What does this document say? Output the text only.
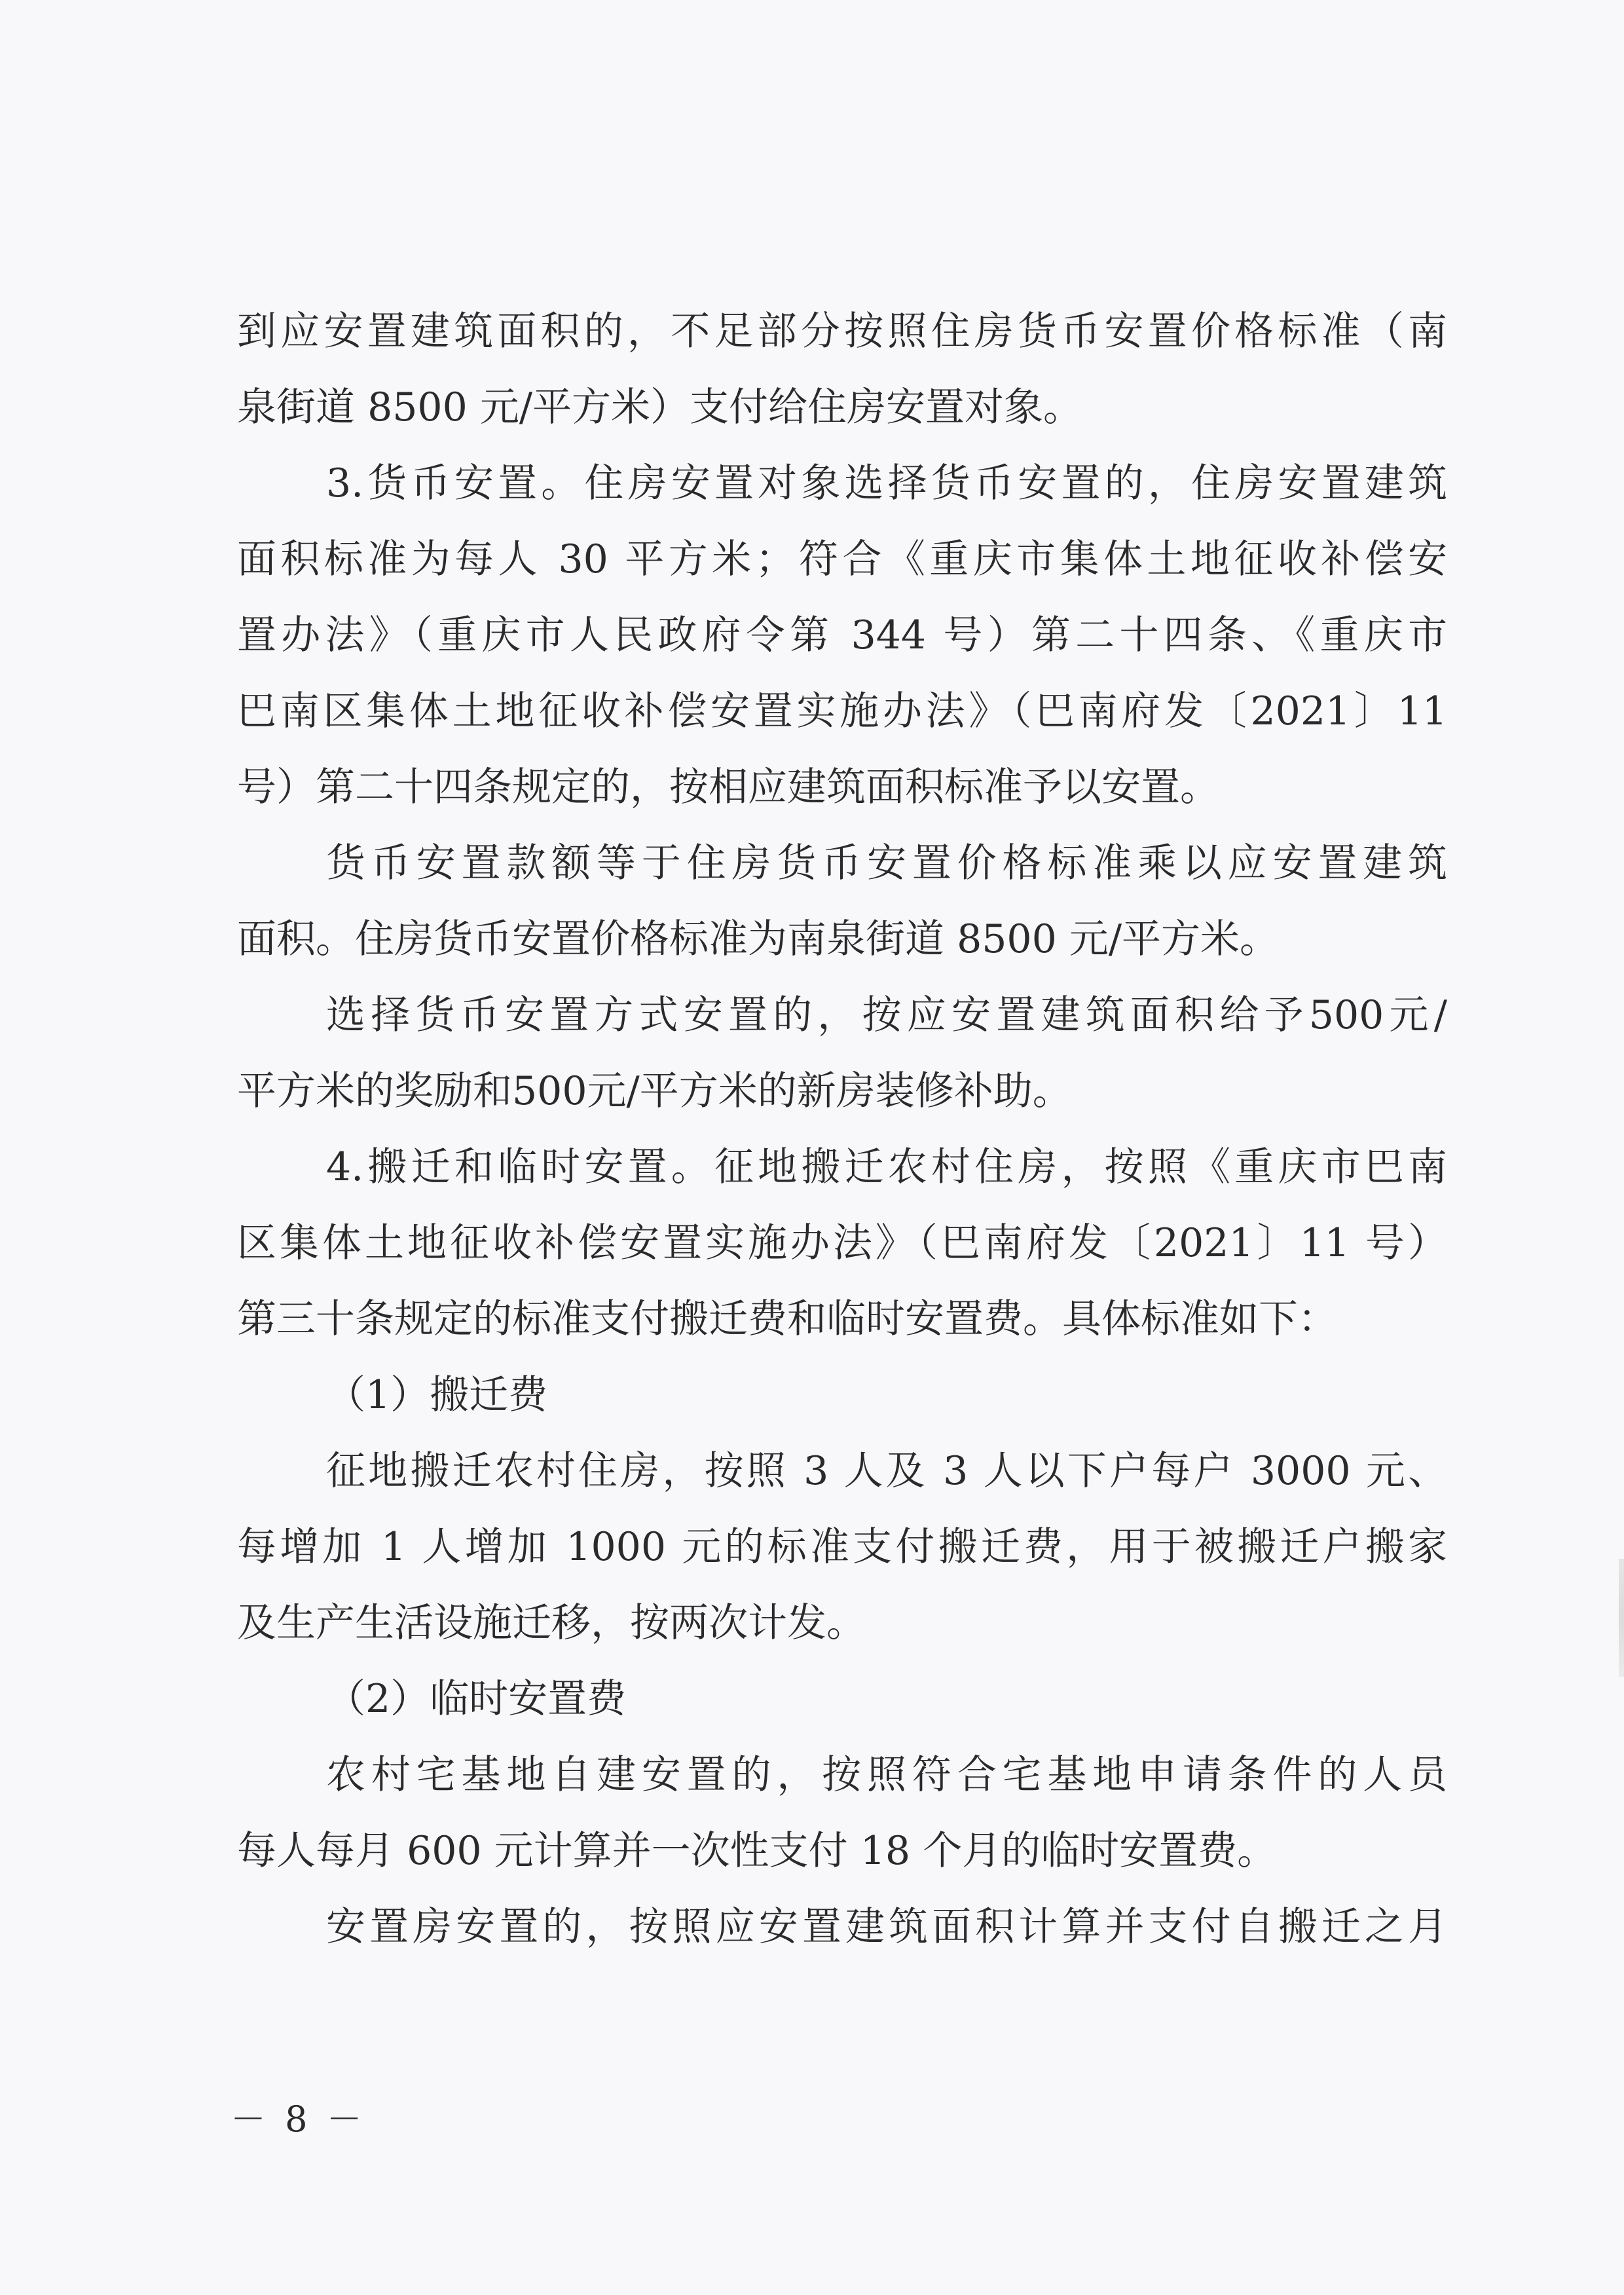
到应安置建筑面积的，不足部分按照住房货币安置价格标准（南
泉街道 8500 元/平方米）支付给住房安置对象。
3.货币安置。住房安置对象选择货币安置的，住房安置建筑
面积标准为每人 30 平方米；符合《重庆市集体土地征收补偿安
置办法》（重庆市人民政府令第 344 号）第二十四条、《重庆市
巴南区集体土地征收补偿安置实施办法》（巴南府发〔2021〕11
号）第二十四条规定的，按相应建筑面积标准予以安置。
货币安置款额等于住房货币安置价格标准乘以应安置建筑
面积。住房货币安置价格标准为南泉街道 8500 元/平方米。
选择货币安置方式安置的，按应安置建筑面积给予500元/
平方米的奖励和500元/平方米的新房装修补助。
4.搬迁和临时安置。征地搬迁农村住房，按照《重庆市巴南
区集体土地征收补偿安置实施办法》（巴南府发〔2021〕11 号）
第三十条规定的标准支付搬迁费和临时安置费。具体标准如下：
（1）搬迁费
征地搬迁农村住房，按照 3 人及 3 人以下户每户 3000 元、
每增加 1 人增加 1000 元的标准支付搬迁费，用于被搬迁户搬家
及生产生活设施迁移，按两次计发。
（2）临时安置费
农村宅基地自建安置的，按照符合宅基地申请条件的人员
每人每月 600 元计算并一次性支付 18 个月的临时安置费。
安置房安置的，按照应安置建筑面积计算并支付自搬迁之月
－ 8 －
